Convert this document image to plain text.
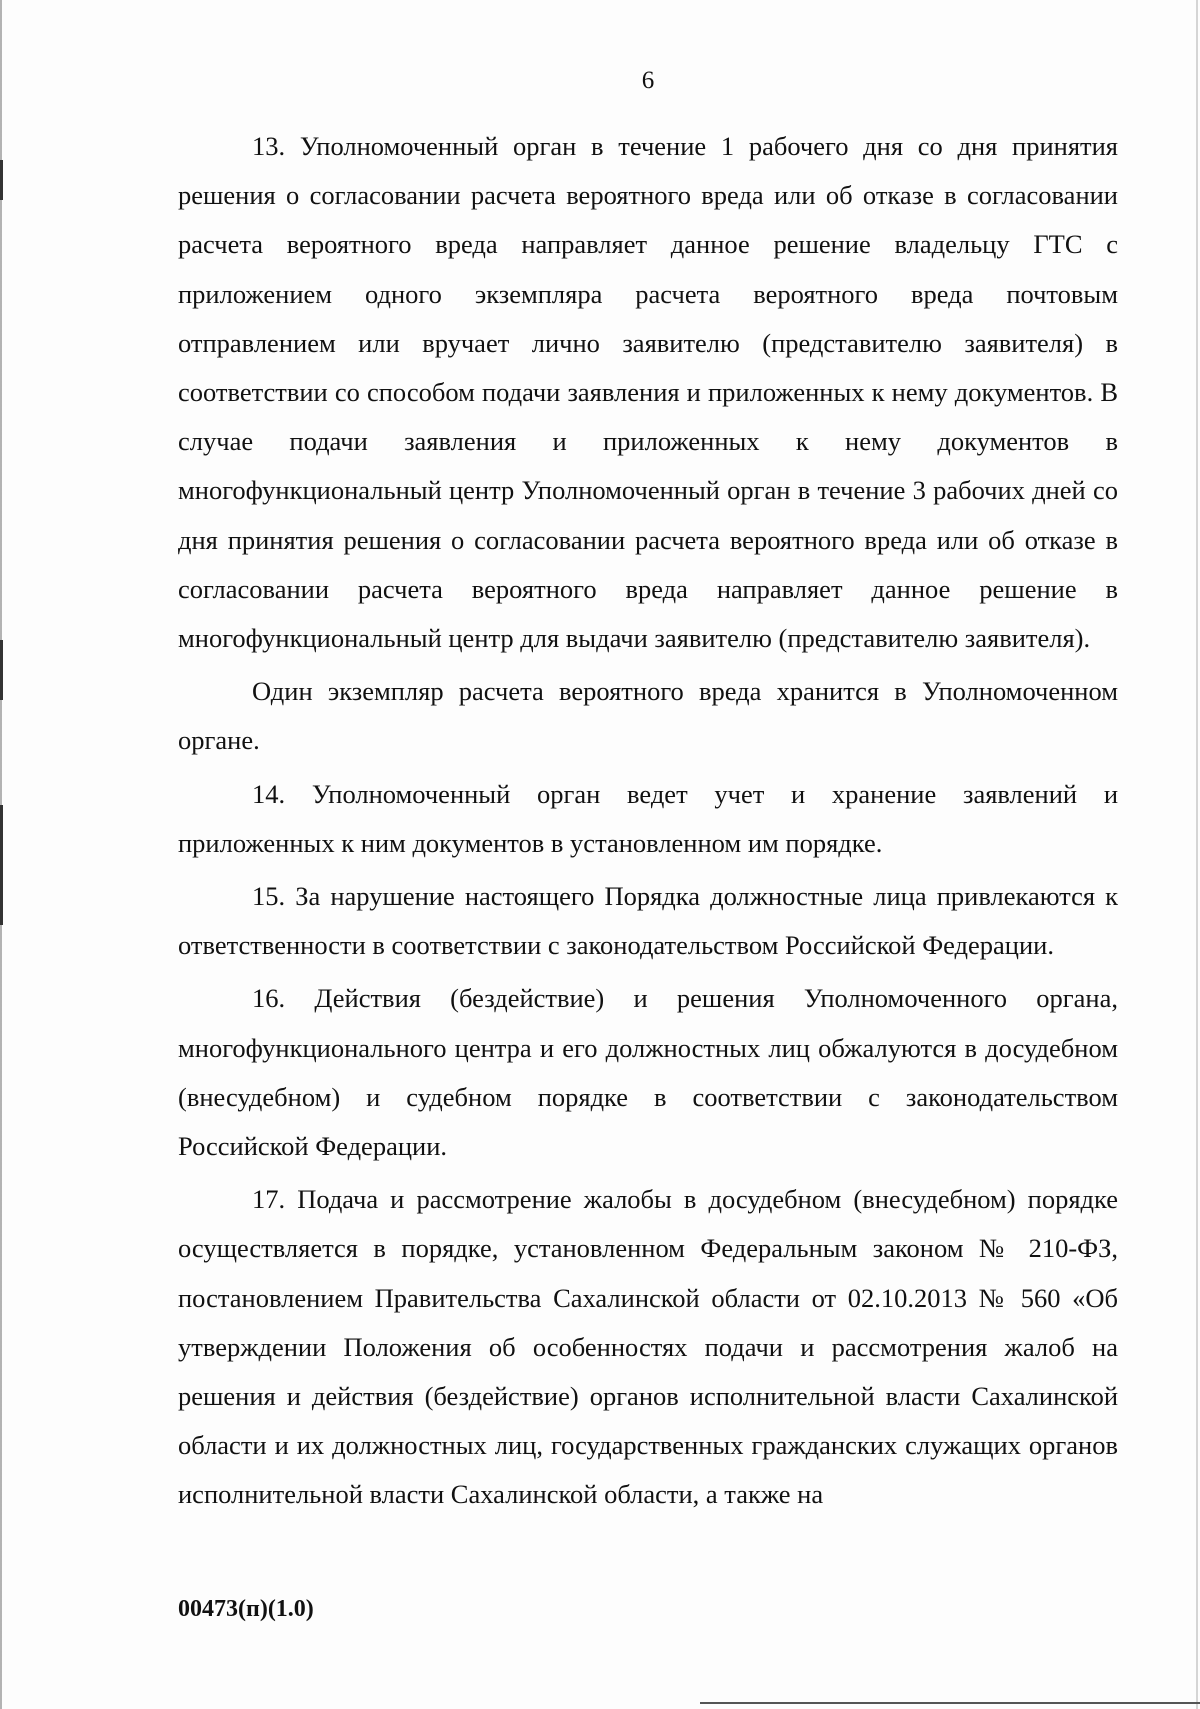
6

13. Уполномоченный орган в течение 1 рабочего дня со дня принятия решения о согласовании расчета вероятного вреда или об отказе в согласовании расчета вероятного вреда направляет данное решение владельцу ГТС с приложением одного экземпляра расчета вероятного вреда почтовым отправлением или вручает лично заявителю (представителю заявителя) в соответствии со способом подачи заявления и приложенных к нему документов. В случае подачи заявления и приложенных к нему документов в многофункциональный центр Уполномоченный орган в течение 3 рабочих дней со дня принятия решения о согласовании расчета вероятного вреда или об отказе в согласовании расчета вероятного вреда направляет данное решение в многофункциональный центр для выдачи заявителю (представителю заявителя).

Один экземпляр расчета вероятного вреда хранится в Уполномоченном органе.

14. Уполномоченный орган ведет учет и хранение заявлений и приложенных к ним документов в установленном им порядке.

15. За нарушение настоящего Порядка должностные лица привлекаются к ответственности в соответствии с законодательством Российской Федерации.

16. Действия (бездействие) и решения Уполномоченного органа, многофункционального центра и его должностных лиц обжалуются в досудебном (внесудебном) и судебном порядке в соответствии с законодательством Российской Федерации.

17. Подача и рассмотрение жалобы в досудебном (внесудебном) порядке осуществляется в порядке, установленном Федеральным законом № 210-ФЗ, постановлением Правительства Сахалинской области от 02.10.2013 № 560 «Об утверждении Положения об особенностях подачи и рассмотрения жалоб на решения и действия (бездействие) органов исполнительной власти Сахалинской области и их должностных лиц, государственных гражданских служащих органов исполнительной власти Сахалинской области, а также на

00473(п)(1.0)
